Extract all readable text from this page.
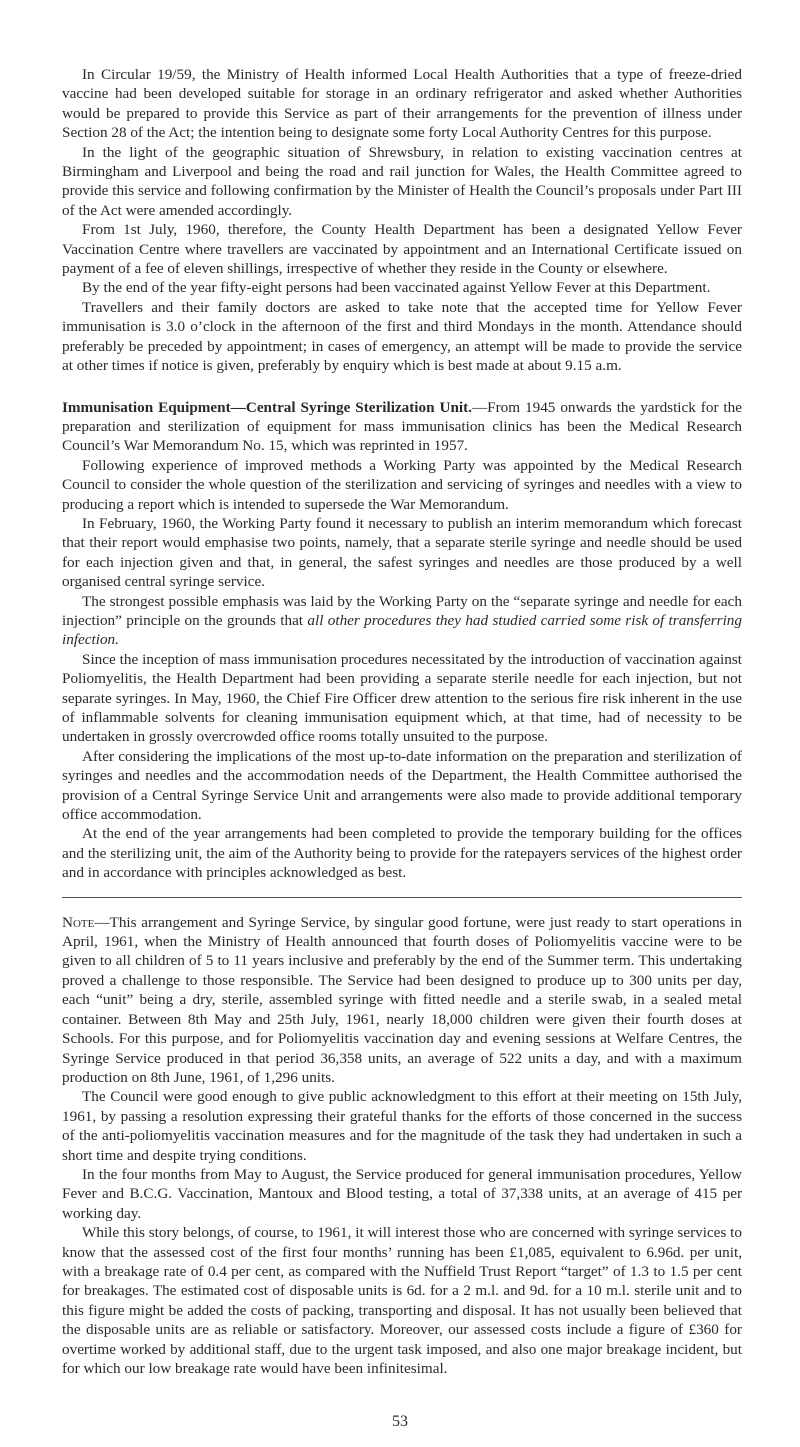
In Circular 19/59, the Ministry of Health informed Local Health Authorities that a type of freeze-dried vaccine had been developed suitable for storage in an ordinary refrigerator and asked whether Authorities would be prepared to provide this Service as part of their arrangements for the prevention of illness under Section 28 of the Act; the intention being to designate some forty Local Authority Centres for this purpose.

In the light of the geographic situation of Shrewsbury, in relation to existing vaccination centres at Birmingham and Liverpool and being the road and rail junction for Wales, the Health Committee agreed to provide this service and following confirmation by the Minister of Health the Council’s proposals under Part III of the Act were amended accordingly.

From 1st July, 1960, therefore, the County Health Department has been a designated Yellow Fever Vaccination Centre where travellers are vaccinated by appointment and an International Certificate issued on payment of a fee of eleven shillings, irrespective of whether they reside in the County or elsewhere.

By the end of the year fifty-eight persons had been vaccinated against Yellow Fever at this Department.

Travellers and their family doctors are asked to take note that the accepted time for Yellow Fever immunisation is 3.0 o’clock in the afternoon of the first and third Mondays in the month. Attendance should preferably be preceded by appointment; in cases of emergency, an attempt will be made to provide the service at other times if notice is given, preferably by enquiry which is best made at about 9.15 a.m.

Immunisation Equipment—Central Syringe Sterilization Unit.—From 1945 onwards the yardstick for the preparation and sterilization of equipment for mass immunisation clinics has been the Medical Research Council’s War Memorandum No. 15, which was reprinted in 1957.

Following experience of improved methods a Working Party was appointed by the Medical Research Council to consider the whole question of the sterilization and servicing of syringes and needles with a view to producing a report which is intended to supersede the War Memorandum.

In February, 1960, the Working Party found it necessary to publish an interim memorandum which forecast that their report would emphasise two points, namely, that a separate sterile syringe and needle should be used for each injection given and that, in general, the safest syringes and needles are those produced by a well organised central syringe service.

The strongest possible emphasis was laid by the Working Party on the “separate syringe and needle for each injection” principle on the grounds that all other procedures they had studied carried some risk of transferring infection.

Since the inception of mass immunisation procedures necessitated by the introduction of vaccination against Poliomyelitis, the Health Department had been providing a separate sterile needle for each injection, but not separate syringes. In May, 1960, the Chief Fire Officer drew attention to the serious fire risk inherent in the use of inflammable solvents for cleaning immunisation equipment which, at that time, had of necessity to be undertaken in grossly overcrowded office rooms totally unsuited to the purpose.

After considering the implications of the most up-to-date information on the preparation and sterilization of syringes and needles and the accommodation needs of the Department, the Health Committee authorised the provision of a Central Syringe Service Unit and arrangements were also made to provide additional temporary office accommodation.

At the end of the year arrangements had been completed to provide the temporary building for the offices and the sterilizing unit, the aim of the Authority being to provide for the ratepayers services of the highest order and in accordance with principles acknowledged as best.

Note—This arrangement and Syringe Service, by singular good fortune, were just ready to start operations in April, 1961, when the Ministry of Health announced that fourth doses of Poliomyelitis vaccine were to be given to all children of 5 to 11 years inclusive and preferably by the end of the Summer term. This undertaking proved a challenge to those responsible. The Service had been designed to produce up to 300 units per day, each “unit” being a dry, sterile, assembled syringe with fitted needle and a sterile swab, in a sealed metal container. Between 8th May and 25th July, 1961, nearly 18,000 children were given their fourth doses at Schools. For this purpose, and for Poliomyelitis vaccination day and evening sessions at Welfare Centres, the Syringe Service produced in that period 36,358 units, an average of 522 units a day, and with a maximum production on 8th June, 1961, of 1,296 units.

The Council were good enough to give public acknowledgment to this effort at their meeting on 15th July, 1961, by passing a resolution expressing their grateful thanks for the efforts of those concerned in the success of the anti-poliomyelitis vaccination measures and for the magnitude of the task they had undertaken in such a short time and despite trying conditions.

In the four months from May to August, the Service produced for general immunisation procedures, Yellow Fever and B.C.G. Vaccination, Mantoux and Blood testing, a total of 37,338 units, at an average of 415 per working day.

While this story belongs, of course, to 1961, it will interest those who are concerned with syringe services to know that the assessed cost of the first four months’ running has been £1,085, equivalent to 6.96d. per unit, with a breakage rate of 0.4 per cent, as compared with the Nuffield Trust Report “target” of 1.3 to 1.5 per cent for breakages. The estimated cost of disposable units is 6d. for a 2 m.l. and 9d. for a 10 m.l. sterile unit and to this figure might be added the costs of packing, transporting and disposal. It has not usually been believed that the disposable units are as reliable or satisfactory. Moreover, our assessed costs include a figure of £360 for overtime worked by additional staff, due to the urgent task imposed, and also one major breakage incident, but for which our low breakage rate would have been infinitesimal.

53
